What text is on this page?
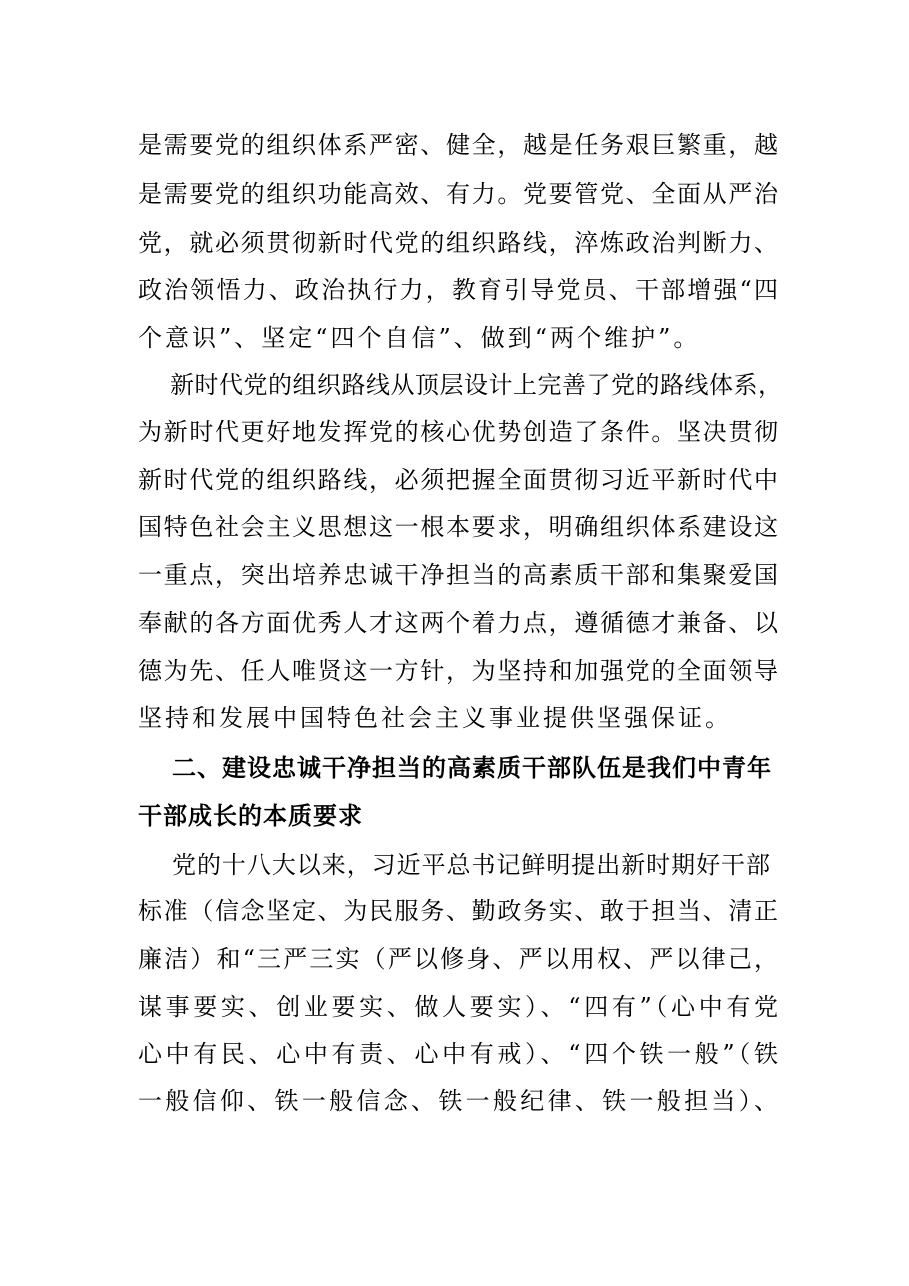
是需要党的组织体系严密、健全，越是任务艰巨繁重，越
是需要党的组织功能高效、有力。党要管党、全面从严治
党，就必须贯彻新时代党的组织路线，淬炼政治判断力、
政治领悟力、政治执行力，教育引导党员、干部增强“四
个意识”、坚定“四个自信”、做到“两个维护”。
新时代党的组织路线从顶层设计上完善了党的路线体系，
为新时代更好地发挥党的核心优势创造了条件。坚决贯彻
新时代党的组织路线，必须把握全面贯彻习近平新时代中
国特色社会主义思想这一根本要求，明确组织体系建设这
一重点，突出培养忠诚干净担当的高素质干部和集聚爱国
奉献的各方面优秀人才这两个着力点，遵循德才兼备、以
德为先、任人唯贤这一方针，为坚持和加强党的全面领导
坚持和发展中国特色社会主义事业提供坚强保证。
二、建设忠诚干净担当的高素质干部队伍是我们中青年
干部成长的本质要求
党的十八大以来，习近平总书记鲜明提出新时期好干部
标准（信念坚定、为民服务、勤政务实、敢于担当、清正
廉洁）和“三严三实（严以修身、严以用权、严以律己，
谋事要实、创业要实、做人要实）、“四有”（心中有党
心中有民、心中有责、心中有戒）、“四个铁一般”（铁
一般信仰、铁一般信念、铁一般纪律、铁一般担当）、
